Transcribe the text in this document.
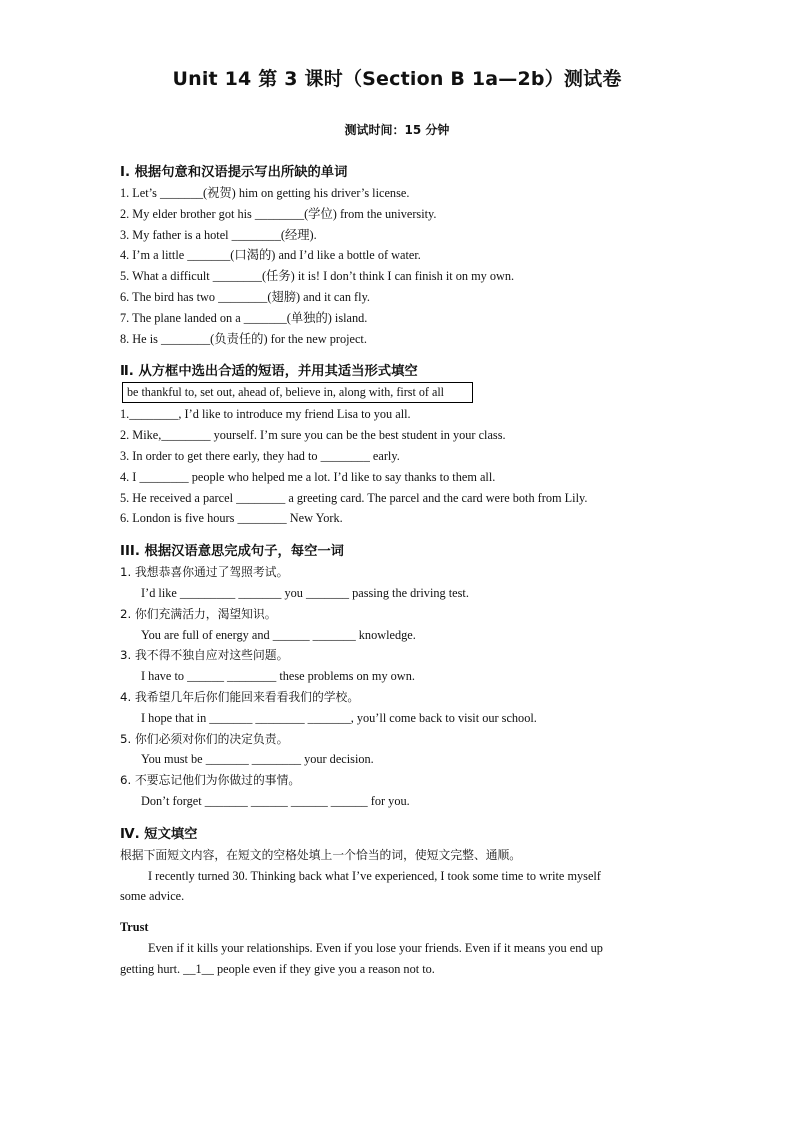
Unit 14 第 3 课时（Section B 1a—2b）测试卷
测试时间：15 分钟
Ⅰ. 根据句意和汉语提示写出所缺的单词
1. Let’s _______(祝贺) him on getting his driver’s license.
2. My elder brother got his ________(学位) from the university.
3. My father is a hotel ________(经理).
4. I’m a little _______(口渴的) and I’d like a bottle of water.
5. What a difficult ________(任务) it is! I don’t think I can finish it on my own.
6. The bird has two ________(翅膀) and it can fly.
7. The plane landed on a _______(单独的) island.
8. He is ________(负责任的) for the new project.
Ⅱ. 从方框中选出合适的短语，并用其适当形式填空
be thankful to, set out, ahead of, believe in, along with, first of all
1.________, I’d like to introduce my friend Lisa to you all.
2. Mike,________ yourself. I’m sure you can be the best student in your class.
3. In order to get there early, they had to ________ early.
4. I ________ people who helped me a lot. I’d like to say thanks to them all.
5. He received a parcel ________ a greeting card. The parcel and the card were both from Lily.
6. London is five hours ________ New York.
III. 根据汉语意思完成句子，每空一词
1. 我想恭喜你通过了驾照考试。
I’d like _________ _______ you _______ passing the driving test.
2. 你们充满活力，渴望知识。
You are full of energy and ______ _______ knowledge.
3. 我不得不独自应对这些问题。
I have to ______ ________ these problems on my own.
4. 我希望几年后你们能回来看看我们的学校。
I hope that in _______ ________ _______, you’ll come back to visit our school.
5. 你们必须对你们的决定负责。
You must be _______ ________ your decision.
6. 不要忘记他们为你做过的事情。
Don’t forget _______ ______ ______ ______ for you.
Ⅳ. 短文填空
根据下面短文内容，在短文的空格处填上一个恰当的词，使短文完整、通顺。
I recently turned 30. Thinking back what I’ve experienced, I took some time to write myself
some advice.
Trust
Even if it kills your relationships. Even if you lose your friends. Even if it means you end up
getting hurt. __1__ people even if they give you a reason not to.
